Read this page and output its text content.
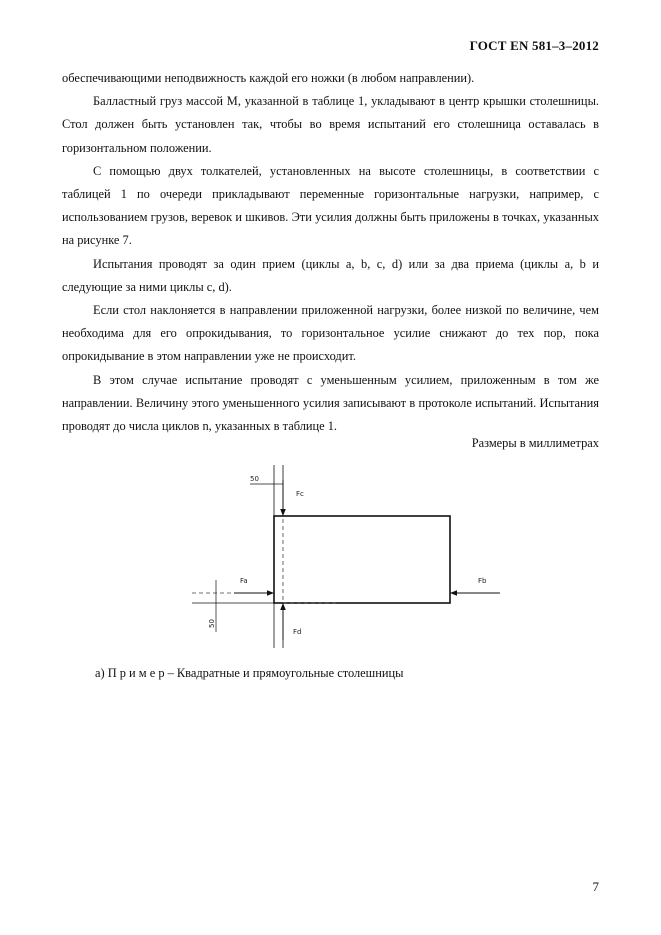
ГОСТ EN 581–3–2012

обеспечивающими неподвижность каждой его ножки (в любом направлении).

Балластный груз массой M, указанной в таблице 1, укладывают в центр крышки столешницы. Стол должен быть установлен так, чтобы во время испытаний его столешница оставалась в горизонтальном положении.

С помощью двух толкателей, установленных на высоте столешницы, в соответствии с таблицей 1 по очереди прикладывают переменные горизонтальные нагрузки, например, с использованием грузов, веревок и шкивов. Эти усилия должны быть приложены в точках, указанных на рисунке 7.

Испытания проводят за один прием (циклы a, b, c, d) или за два приема (циклы a, b и следующие за ними циклы c, d).

Если стол наклоняется в направлении приложенной нагрузки, более низкой по величине, чем необходима для его опрокидывания, то горизонтальное усилие снижают до тех пор, пока опрокидывание в этом направлении уже не происходит.

В этом случае испытание проводят с уменьшенным усилием, приложенным в том же направлении. Величину этого уменьшенного усилия записывают в протоколе испытаний. Испытания проводят до числа циклов n, указанных в таблице 1.

Размеры в миллиметрах
50
50
Fc
Fa	Fb
Fd
а) П р и м е р – Квадратные и прямоугольные столешницы
7
